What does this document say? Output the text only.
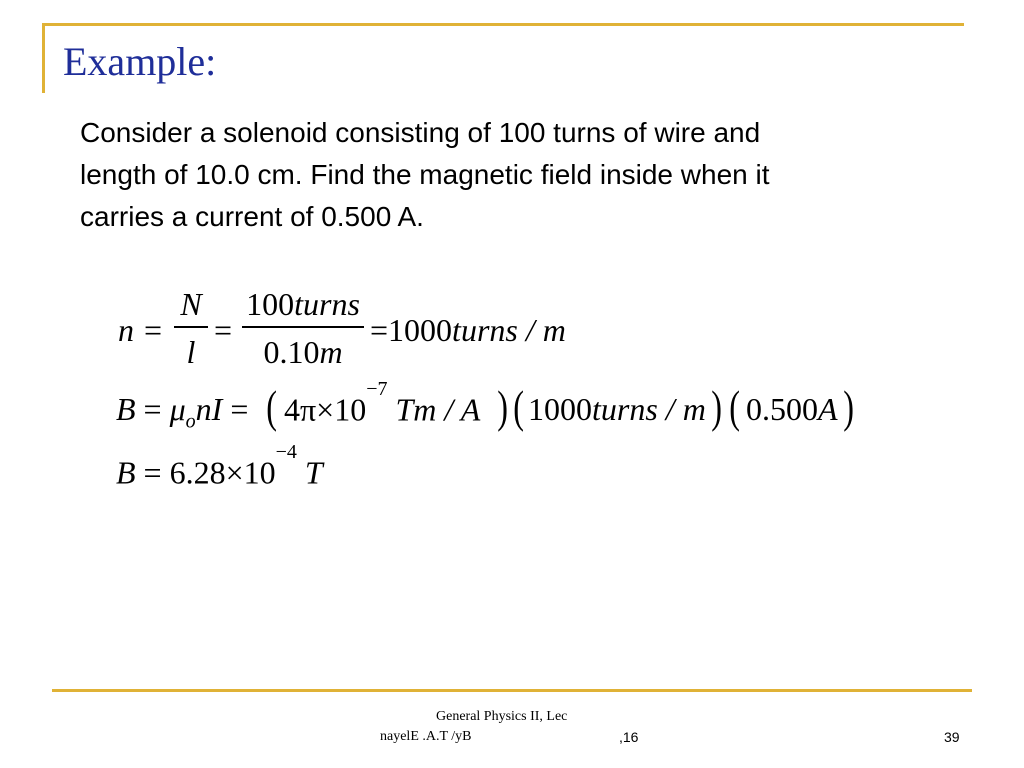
Example:
Consider a solenoid consisting of 100 turns of wire and
length of 10.0 cm. Find the magnetic field inside when it
carries a current of 0.500 A.
n =
N
l
=
100turns
0.10m
=1000turns / m
$B = \mu_onI$ = ( $4\pi\times 10^{-7}$ Tm / A ) ( 1000turns / m ) ( 0.500A )
$B = 6.28\times 10^{-4}$ T
General Physics II, Lec
nayelE .A.T /yB	,16	39
